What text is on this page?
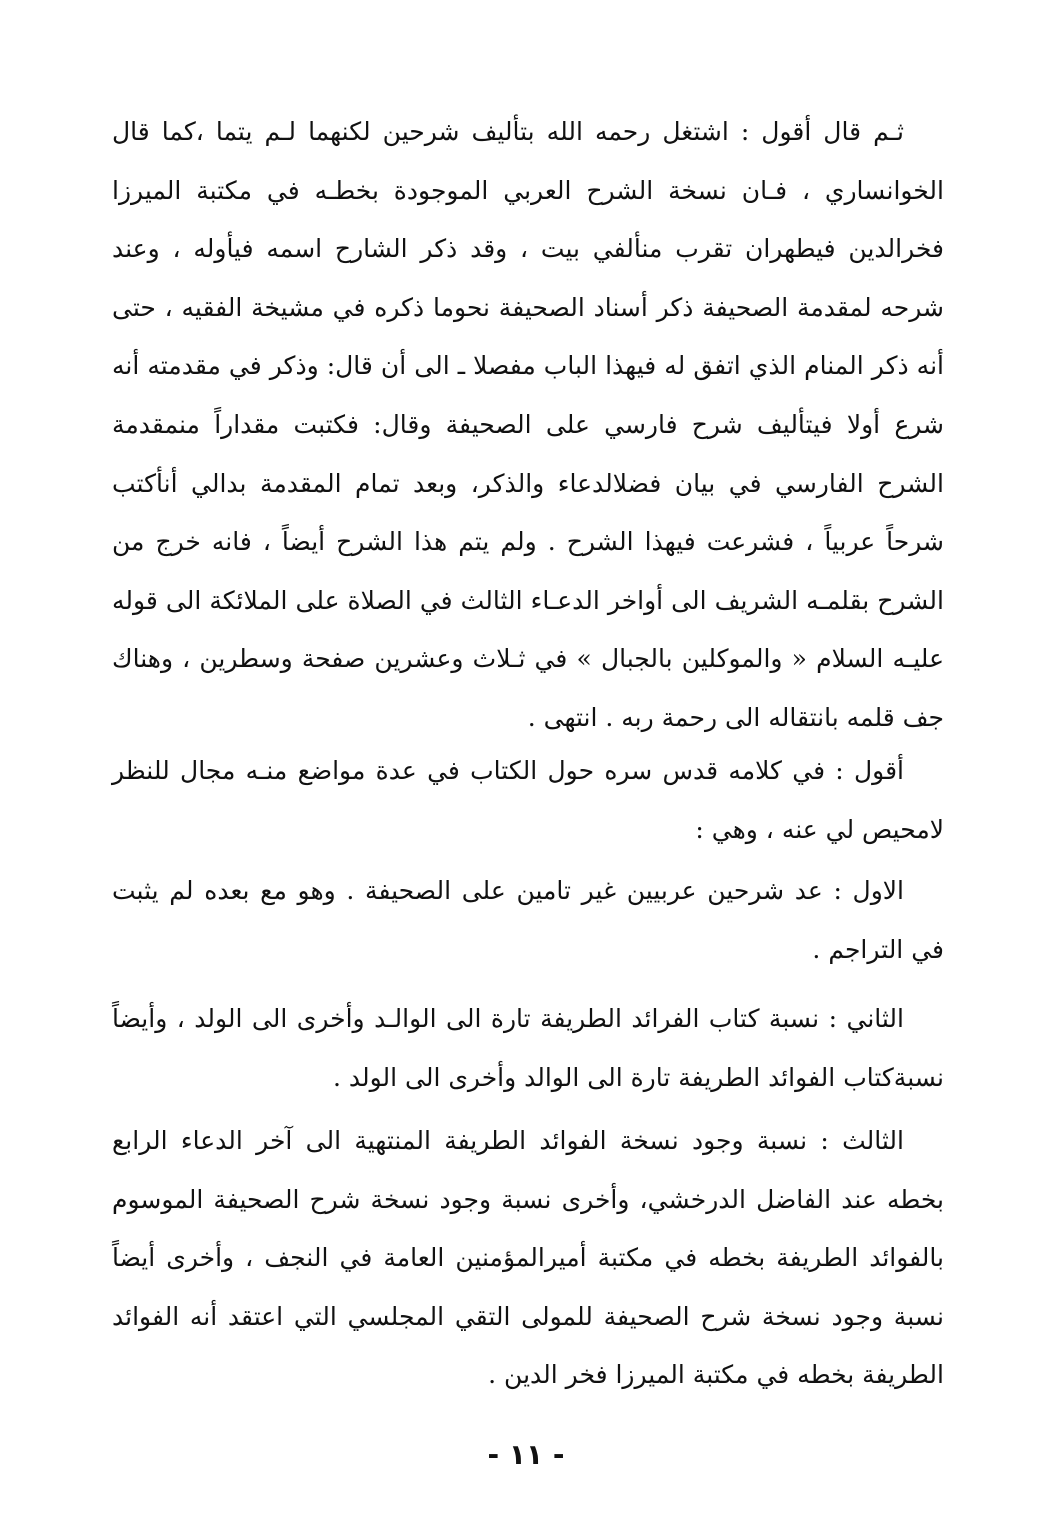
ثـم قال أقول : اشتغل رحمه الله بتأليف شرحين لكنهما لـم يتما ،كما قال الخوانساري ، فـان نسخة الشرح العربي الموجودة بخطـه في مكتبة الميرزا فخرالدين فيطهران تقرب منألفي بيت ، وقد ذكر الشارح اسمه فيأوله ، وعند شرحه لمقدمة الصحيفة ذكر أسناد الصحيفة نحوما ذكره في مشيخة الفقيه ، حتى أنه ذكر المنام الذي اتفق له فيهذا الباب مفصلا ـ الى أن قال: وذكر في مقدمته أنه شرع أولا فيتأليف شرح فارسي على الصحيفة وقال: فكتبت مقداراً منمقدمة الشرح الفارسي في بيان فضلالدعاء والذكر، وبعد تمام المقدمة بدالي أنأكتب شرحاً عربياً ، فشرعت فيهذا الشرح . ولم يتم هذا الشرح أيضاً ، فانه خرج من الشرح بقلمـه الشريف الى أواخر الدعـاء الثالث في الصلاة على الملائكة الى قوله عليـه السلام « والموكلين بالجبال » في ثـلاث وعشرين صفحة وسطرين ، وهناك جف قلمه بانتقاله الى رحمة ربه . انتهى .

أقول : في كلامه قدس سره حول الكتاب في عدة مواضع منـه مجال للنظر لامحيص لي عنه ، وهي :

الاول : عد شرحين عربيين غير تامين على الصحيفة . وهو مع بعده لم يثبت في التراجم .

الثاني : نسبة كتاب الفرائد الطريفة تارة الى الوالـد وأخرى الى الولد ، وأيضاً نسبةكتاب الفوائد الطريفة تارة الى الوالد وأخرى الى الولد .

الثالث : نسبة وجود نسخة الفوائد الطريفة المنتهية الى آخر الدعاء الرابع بخطه عند الفاضل الدرخشي، وأخرى نسبة وجود نسخة شرح الصحيفة الموسوم بالفوائد الطريفة بخطه في مكتبة أميرالمؤمنين العامة في النجف ، وأخرى أيضاً نسبة وجود نسخة شرح الصحيفة للمولى التقي المجلسي التي اعتقد أنه الفوائد الطريفة بخطه في مكتبة الميرزا فخر الدين .

- ١١ -
